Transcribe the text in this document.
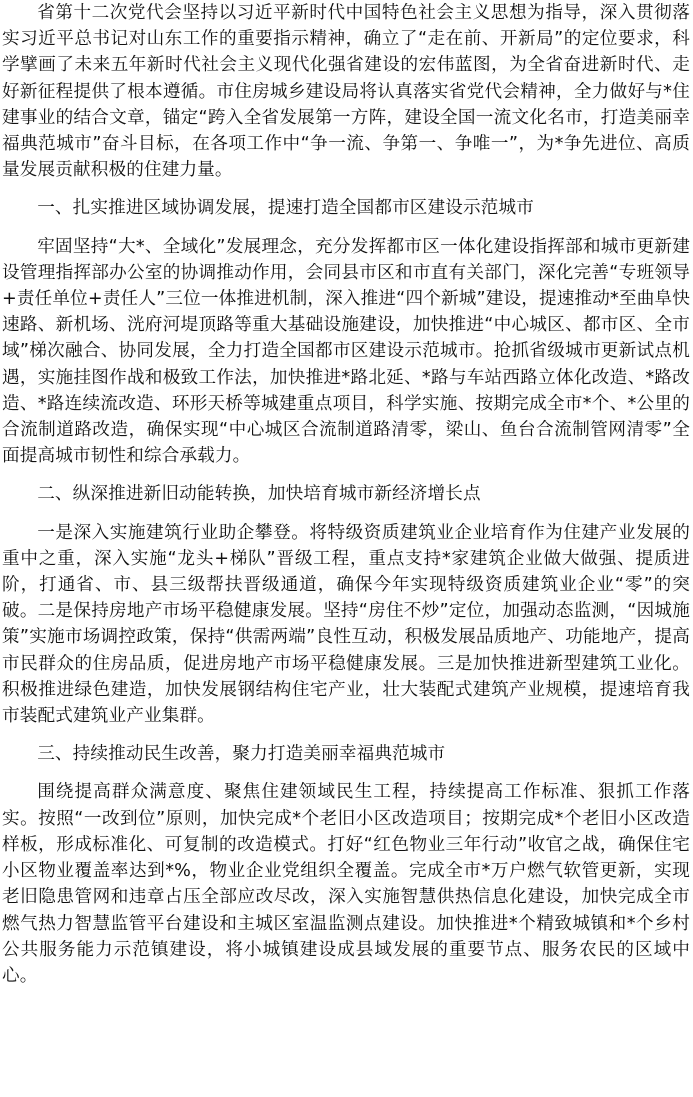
省第十二次党代会坚持以习近平新时代中国特色社会主义思想为指导，深入贯彻落实习近平总书记对山东工作的重要指示精神，确立了“走在前、开新局”的定位要求，科学擘画了未来五年新时代社会主义现代化强省建设的宏伟蓝图，为全省奋进新时代、走好新征程提供了根本遵循。市住房城乡建设局将认真落实省党代会精神，全力做好与*住建事业的结合文章，锚定“跨入全省发展第一方阵，建设全国一流文化名市，打造美丽幸福典范城市”奋斗目标，在各项工作中“争一流、争第一、争唯一”，为*争先进位、高质量发展贡献积极的住建力量。

一、扎实推进区域协调发展，提速打造全国都市区建设示范城市

牢固坚持“大*、全域化”发展理念，充分发挥都市区一体化建设指挥部和城市更新建设管理指挥部办公室的协调推动作用，会同县市区和市直有关部门，深化完善“专班领导+责任单位+责任人”三位一体推进机制，深入推进“四个新城”建设，提速推动*至曲阜快速路、新机场、洸府河堤顶路等重大基础设施建设，加快推进“中心城区、都市区、全市域”梯次融合、协同发展，全力打造全国都市区建设示范城市。抢抓省级城市更新试点机遇，实施挂图作战和极致工作法，加快推进*路北延、*路与车站西路立体化改造、*路改造、*路连续流改造、环形天桥等城建重点项目，科学实施、按期完成全市*个、*公里的合流制道路改造，确保实现“中心城区合流制道路清零，梁山、鱼台合流制管网清零”全面提高城市韧性和综合承载力。

二、纵深推进新旧动能转换，加快培育城市新经济增长点

一是深入实施建筑行业助企攀登。将特级资质建筑业企业培育作为住建产业发展的重中之重，深入实施“龙头+梯队”晋级工程，重点支持*家建筑企业做大做强、提质进阶，打通省、市、县三级帮扶晋级通道，确保今年实现特级资质建筑业企业“零”的突破。二是保持房地产市场平稳健康发展。坚持“房住不炒”定位，加强动态监测，“因城施策”实施市场调控政策，保持“供需两端”良性互动，积极发展品质地产、功能地产，提高市民群众的住房品质，促进房地产市场平稳健康发展。三是加快推进新型建筑工业化。积极推进绿色建造，加快发展钢结构住宅产业，壮大装配式建筑产业规模，提速培育我市装配式建筑业产业集群。

三、持续推动民生改善，聚力打造美丽幸福典范城市

围绕提高群众满意度、聚焦住建领域民生工程，持续提高工作标准、狠抓工作落实。按照“一改到位”原则，加快完成*个老旧小区改造项目；按期完成*个老旧小区改造样板，形成标准化、可复制的改造模式。打好“红色物业三年行动”收官之战，确保住宅小区物业覆盖率达到*%，物业企业党组织全覆盖。完成全市*万户燃气软管更新，实现老旧隐患管网和违章占压全部应改尽改，深入实施智慧供热信息化建设，加快完成全市燃气热力智慧监管平台建设和主城区室温监测点建设。加快推进*个精致城镇和*个乡村公共服务能力示范镇建设，将小城镇建设成县域发展的重要节点、服务农民的区域中心。
